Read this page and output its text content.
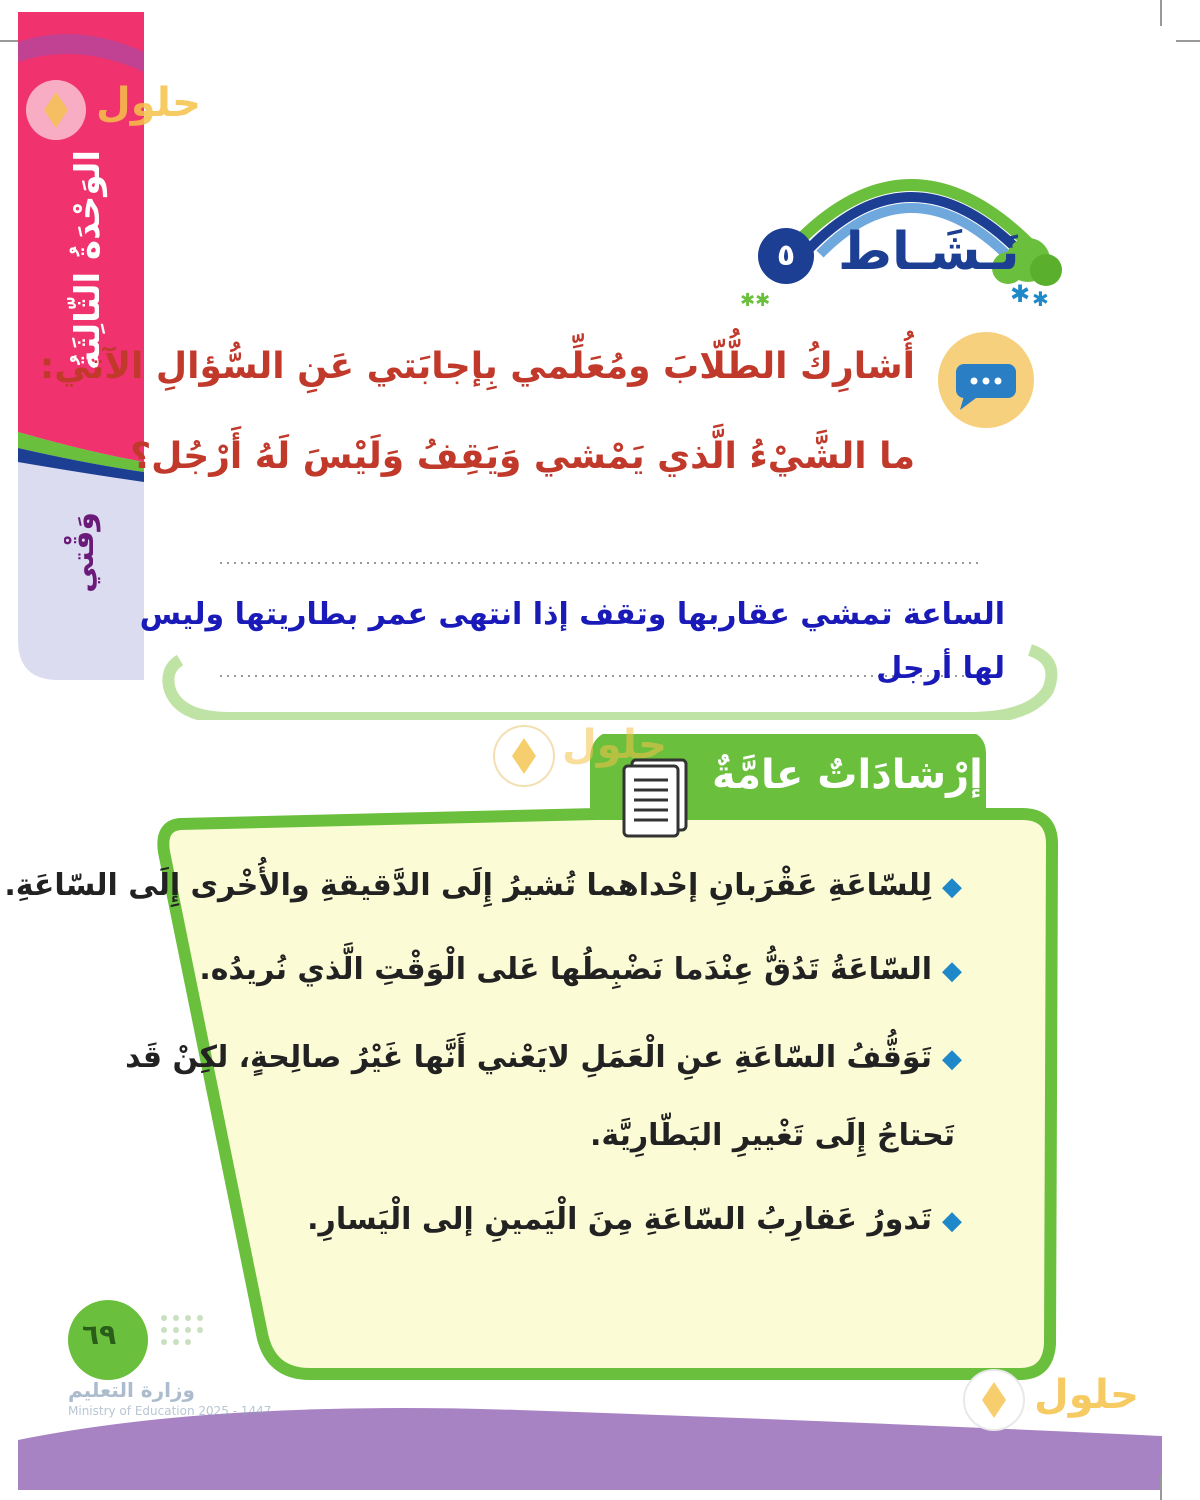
الوَحْدَةُ الثّالِثَةُ
وَقْتي
حلول
✱ ✱
✱✱
نَـشَـاط
٥
أُشارِكُ الطُّلّابَ ومُعَلِّمي بِإجابَتي عَنِ السُّؤالِ الآتي:
ما الشَّيْءُ الَّذي يَمْشي وَيَقِفُ وَلَيْسَ لَهُ أَرْجُل؟
الساعة تمشي عقاربها وتقف إذا انتهى عمر بطاريتها وليس لها أرجل
إرْشادَاتٌ عامَّةٌ
حلول
◆لِلسّاعَةِ عَقْرَبانِ إحْداهما تُشيرُ إِلَى الدَّقيقةِ والأُخْرى إِلَى السّاعَةِ.
◆السّاعَةُ تَدُقُّ عِنْدَما نَضْبِطُها عَلى الْوَقْتِ الَّذي نُريدُه.
◆تَوَقُّفُ السّاعَةِ عنِ الْعَمَلِ لايَعْني أَنَّها غَيْرُ صالِحةٍ، لكِنْ قَد
تَحتاجُ إِلَى تَغْييرِ البَطّارِيَّة.
◆تَدورُ عَقارِبُ السّاعَةِ مِنَ الْيَمينِ إلى الْيَسارِ.
٦٩
وزارة التعليم
Ministry of Education 2025 - 1447	حلول
